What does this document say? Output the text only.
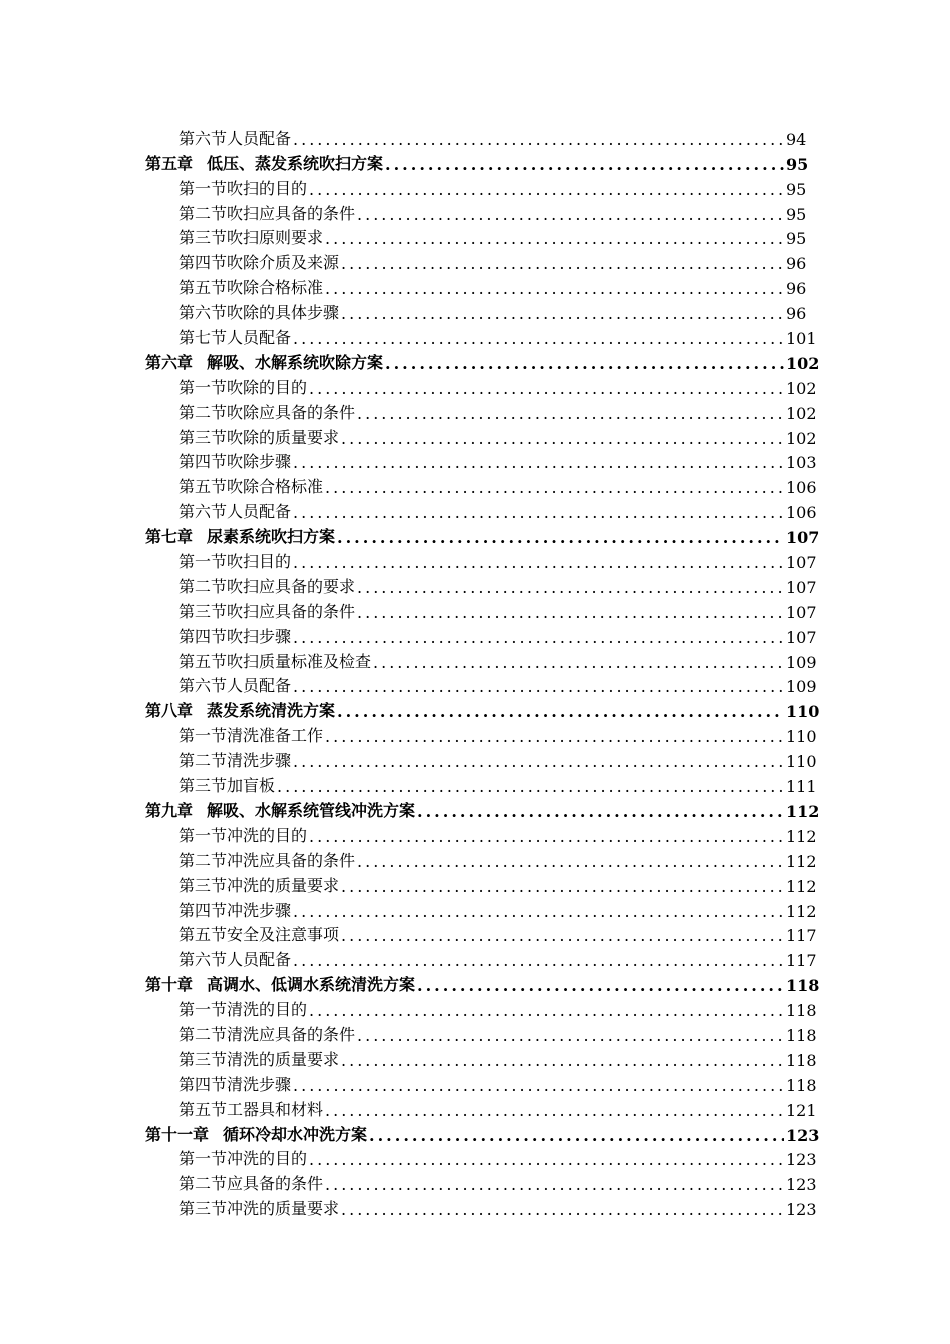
第六节 人员配备 .....	94
第五章 低压、蒸发系统吹扫方案 .....	95
第一节 吹扫的目的 .....	95
第二节 吹扫应具备的条件 .....	95
第三节 吹扫原则要求 .....	95
第四节 吹除介质及来源 .....	96
第五节 吹除合格标准 .....	96
第六节 吹除的具体步骤 .....	96
第七节 人员配备 .....	101
第六章 解吸、水解系统吹除方案 .....	102
第一节 吹除的目的 .....	102
第二节 吹除应具备的条件 .....	102
第三节 吹除的质量要求 .....	102
第四节 吹除步骤 .....	103
第五节 吹除合格标准 .....	106
第六节 人员配备 .....	106
第七章 尿素系统吹扫方案 .....	107
第一节 吹扫目的 .....	107
第二节 吹扫应具备的要求 .....	107
第三节 吹扫应具备的条件 .....	107
第四节 吹扫步骤 .....	107
第五节 吹扫质量标准及检查 .....	109
第六节 人员配备 .....	109
第八章 蒸发系统清洗方案 .....	110
第一节 清洗准备工作 .....	110
第二节 清洗步骤 .....	110
第三节 加盲板 .....	111
第九章 解吸、水解系统管线冲洗方案 .....	112
第一节 冲洗的目的 .....	112
第二节 冲洗应具备的条件 .....	112
第三节 冲洗的质量要求 .....	112
第四节 冲洗步骤 .....	112
第五节 安全及注意事项 .....	117
第六节 人员配备 .....	117
第十章 高调水、低调水系统清洗方案 .....	118
第一节 清洗的目的 .....	118
第二节 清洗应具备的条件 .....	118
第三节 清洗的质量要求 .....	118
第四节 清洗步骤 .....	118
第五节 工器具和材料 .....	121
第十一章 循环冷却水冲洗方案 .....	123
第一节 冲洗的目的 .....	123
第二节 应具备的条件 .....	123
第三节 冲洗的质量要求 .....	123
